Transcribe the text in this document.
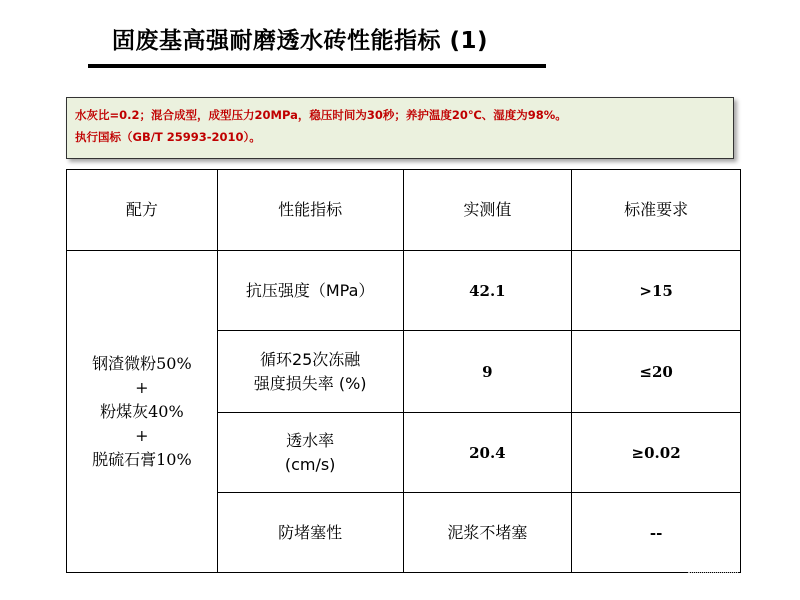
固废基高强耐磨透水砖性能指标 (1)
水灰比=0.2；混合成型，成型压力20MPa，稳压时间为30秒；养护温度20℃、湿度为98%。
执行国标（GB/T 25993-2010）。
配方	性能指标	实测值	标准要求

钢渣微粉50%
+
粉煤灰40%
+
脱硫石膏10%	抗压强度（MPa）	42.1	>15

	循环25次冻融
强度损失率 (%)	9	≤20

	透水率
(cm/s)	20.4	≥0.02

	防堵塞性	泥浆不堵塞	--
